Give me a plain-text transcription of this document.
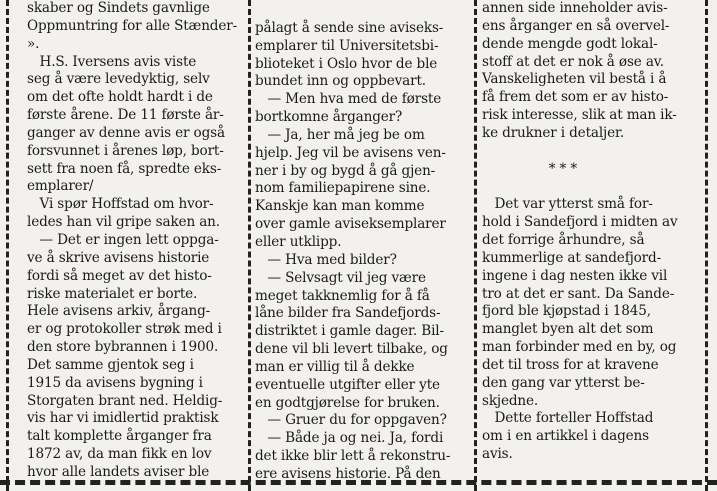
skaber og Sindets gavnlige
Oppmuntring for alle Stænder-
».
H.S. Iversens avis viste
seg å være levedyktig, selv
om det ofte holdt hardt i de
første årene. De 11 første år-
ganger av denne avis er også
forsvunnet i årenes løp, bort-
sett fra noen få, spredte eks-
emplarer/
Vi spør Hoffstad om hvor-
ledes han vil gripe saken an.
— Det er ingen lett oppga-
ve å skrive avisens historie
fordi så meget av det histo-
riske materialet er borte.
Hele avisens arkiv, årgang-
er og protokoller strøk med i
den store bybrannen i 1900.
Det samme gjentok seg i
1915 da avisens bygning i
Storgaten brant ned. Heldig-
vis har vi imidlertid praktisk
talt komplette årganger fra
1872 av, da man fikk en lov
hvor alle landets aviser ble
pålagt å sende sine aviseks-
emplarer til Universitetsbi-
blioteket i Oslo hvor de ble
bundet inn og oppbevart.
— Men hva med de første
bortkomne årganger?
— Ja, her må jeg be om
hjelp. Jeg vil be avisens ven-
ner i by og bygd å gå gjen-
nom familiepapirene sine.
Kanskje kan man komme
over gamle aviseksemplarer
eller utklipp.
— Hva med bilder?
— Selvsagt vil jeg være
meget takknemlig for å få
låne bilder fra Sandefjords-
distriktet i gamle dager. Bil-
dene vil bli levert tilbake, og
man er villig til å dekke
eventuelle utgifter eller yte
en godtgjørelse for bruken.
— Gruer du for oppgaven?
— Både ja og nei. Ja, fordi
det ikke blir lett å rekonstru-
ere avisens historie. På den
annen side inneholder avis-
ens årganger en så overvel-
dende mengde godt lokal-
stoff at det er nok å øse av.
Vanskeligheten vil bestå i å
få frem det som er av histo-
risk interesse, slik at man ik-
ke drukner i detaljer.
* * *
Det var ytterst små for-
hold i Sandefjord i midten av
det forrige århundre, så
kummerlige at sandefjord-
ingene i dag nesten ikke vil
tro at det er sant. Da Sande-
fjord ble kjøpstad i 1845,
manglet byen alt det som
man forbinder med en by, og
det til tross for at kravene
den gang var ytterst be-
skjedne.
Dette forteller Hoffstad
om i en artikkel i dagens
avis.
